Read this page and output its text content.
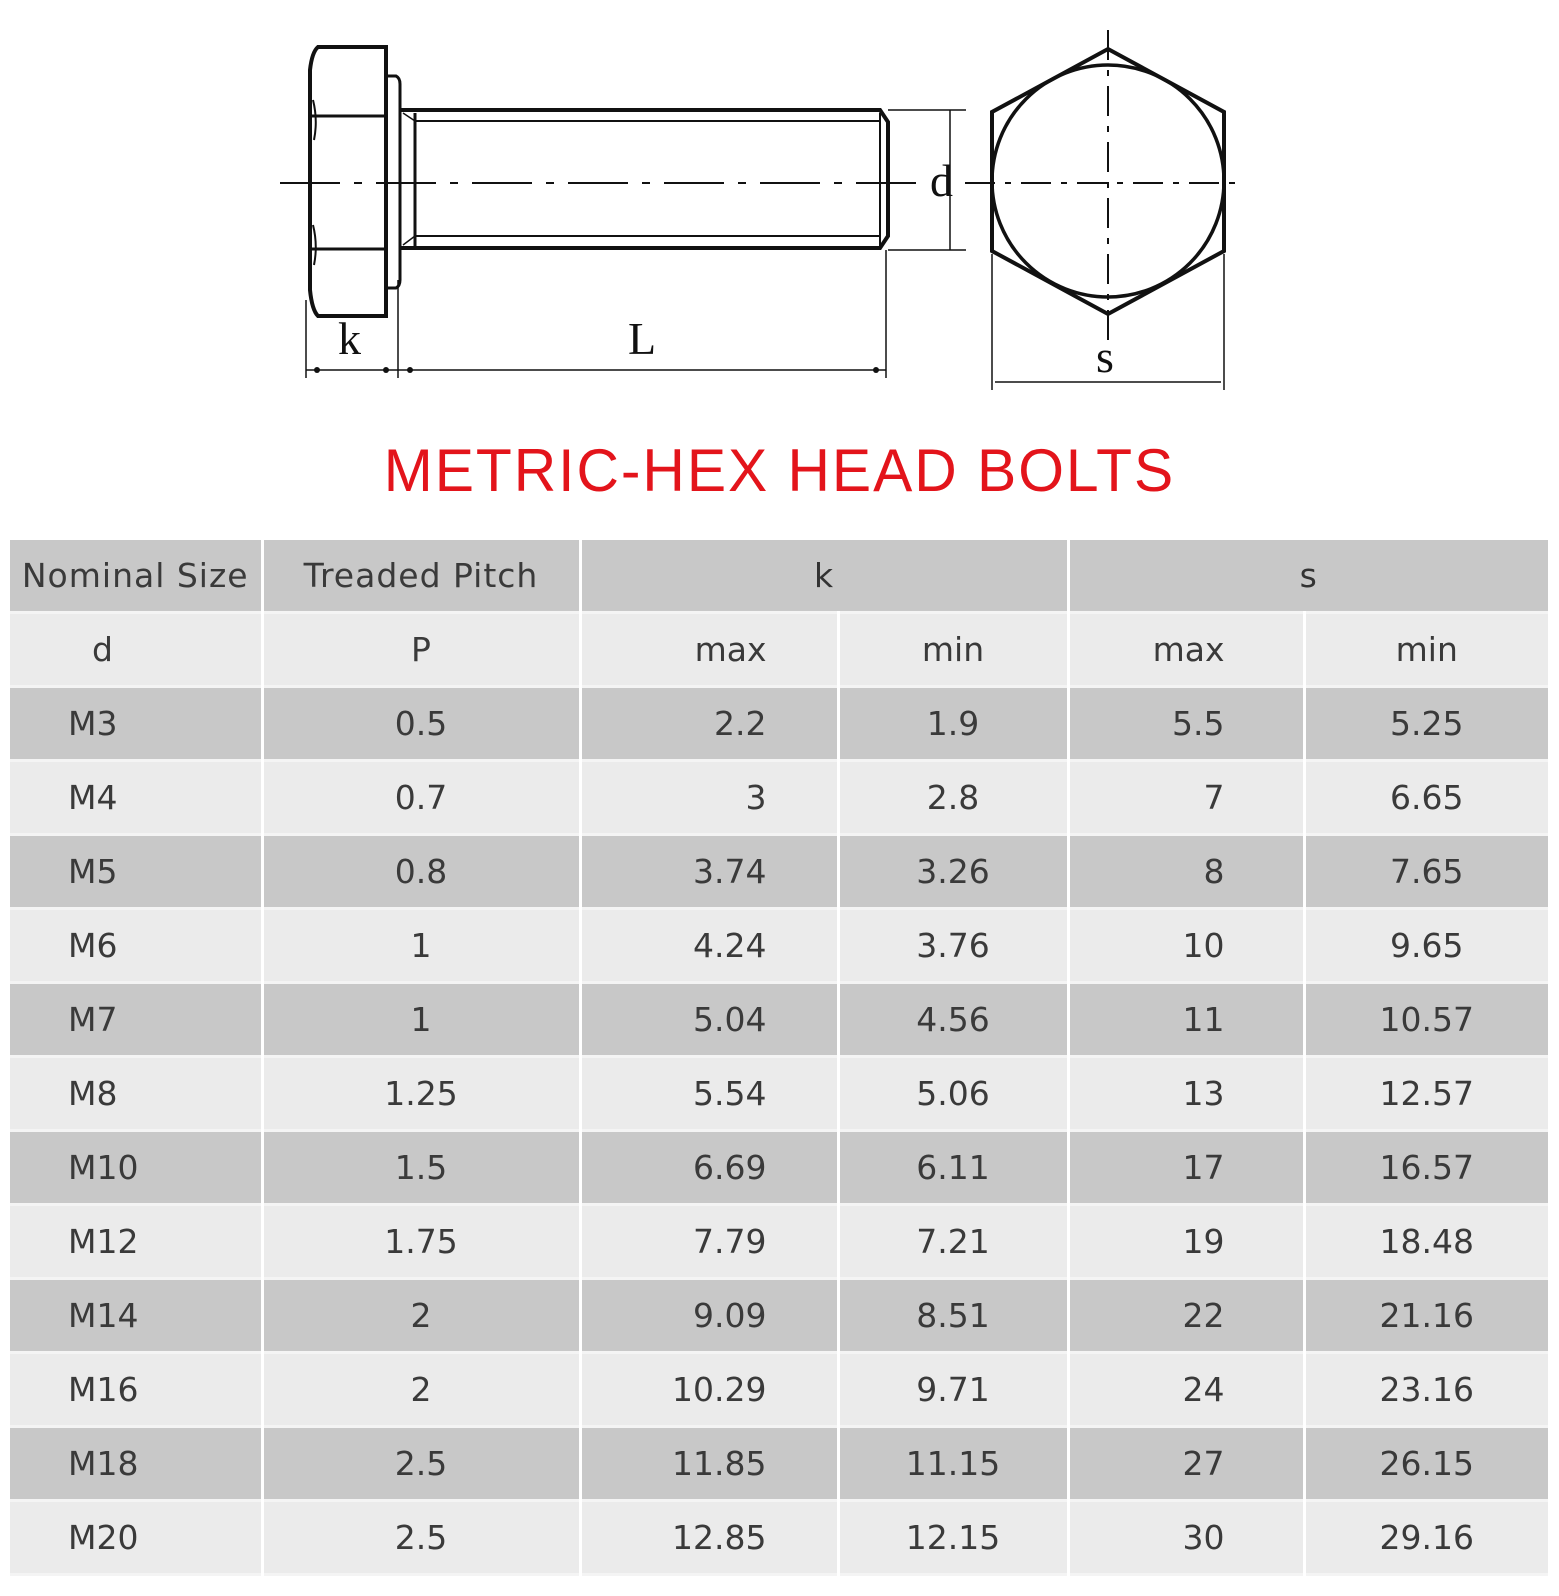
k	L
d
s
METRIC-HEX HEAD BOLTS
Nominal Size	Treaded Pitch	k		s	
d	P	max	min	max	min
M3	0.5	2.2	1.9	5.5	5.25
M4	0.7	3	2.8	7	6.65
M5	0.8	3.74	3.26	8	7.65
M6	1	4.24	3.76	10	9.65
M7	1	5.04	4.56	11	10.57
M8	1.25	5.54	5.06	13	12.57
M10	1.5	6.69	6.11	17	16.57
M12	1.75	7.79	7.21	19	18.48
M14	2	9.09	8.51	22	21.16
M16	2	10.29	9.71	24	23.16
M18	2.5	11.85	11.15	27	26.15
M20	2.5	12.85	12.15	30	29.16
